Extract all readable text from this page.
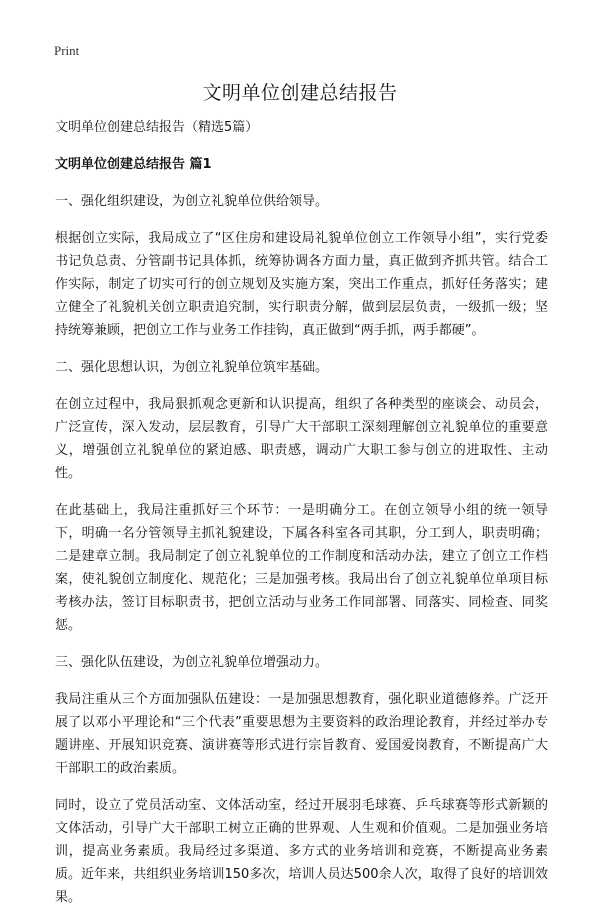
Print
文明单位创建总结报告

文明单位创建总结报告（精选5篇）

文明单位创建总结报告 篇1

一、强化组织建设，为创立礼貌单位供给领导。

根据创立实际，我局成立了“区住房和建设局礼貌单位创立工作领导小组”，实行党委书记负总责、分管副书记具体抓，统筹协调各方面力量，真正做到齐抓共管。结合工作实际，制定了切实可行的创立规划及实施方案，突出工作重点，抓好任务落实；建立健全了礼貌机关创立职责追究制，实行职责分解，做到层层负责，一级抓一级；坚持统筹兼顾，把创立工作与业务工作挂钩，真正做到“两手抓，两手都硬”。

二、强化思想认识，为创立礼貌单位筑牢基础。

在创立过程中，我局狠抓观念更新和认识提高，组织了各种类型的座谈会、动员会，广泛宣传，深入发动，层层教育，引导广大干部职工深刻理解创立礼貌单位的重要意义，增强创立礼貌单位的紧迫感、职责感，调动广大职工参与创立的进取性、主动性。

在此基础上，我局注重抓好三个环节：一是明确分工。在创立领导小组的统一领导下，明确一名分管领导主抓礼貌建设，下属各科室各司其职，分工到人，职责明确；二是建章立制。我局制定了创立礼貌单位的工作制度和活动办法，建立了创立工作档案，使礼貌创立制度化、规范化；三是加强考核。我局出台了创立礼貌单位单项目标考核办法，签订目标职责书，把创立活动与业务工作同部署、同落实、同检查、同奖惩。

三、强化队伍建设，为创立礼貌单位增强动力。

我局注重从三个方面加强队伍建设：一是加强思想教育，强化职业道德修养。广泛开展了以邓小平理论和“三个代表”重要思想为主要资料的政治理论教育，并经过举办专题讲座、开展知识竞赛、演讲赛等形式进行宗旨教育、爱国爱岗教育，不断提高广大干部职工的政治素质。

同时，设立了党员活动室、文体活动室，经过开展羽毛球赛、乒乓球赛等形式新颖的文体活动，引导广大干部职工树立正确的世界观、人生观和价值观。二是加强业务培训，提高业务素质。我局经过多渠道、多方式的业务培训和竞赛，不断提高业务素质。近年来，共组织业务培训150多次，培训人员达500余人次，取得了良好的培训效果。
